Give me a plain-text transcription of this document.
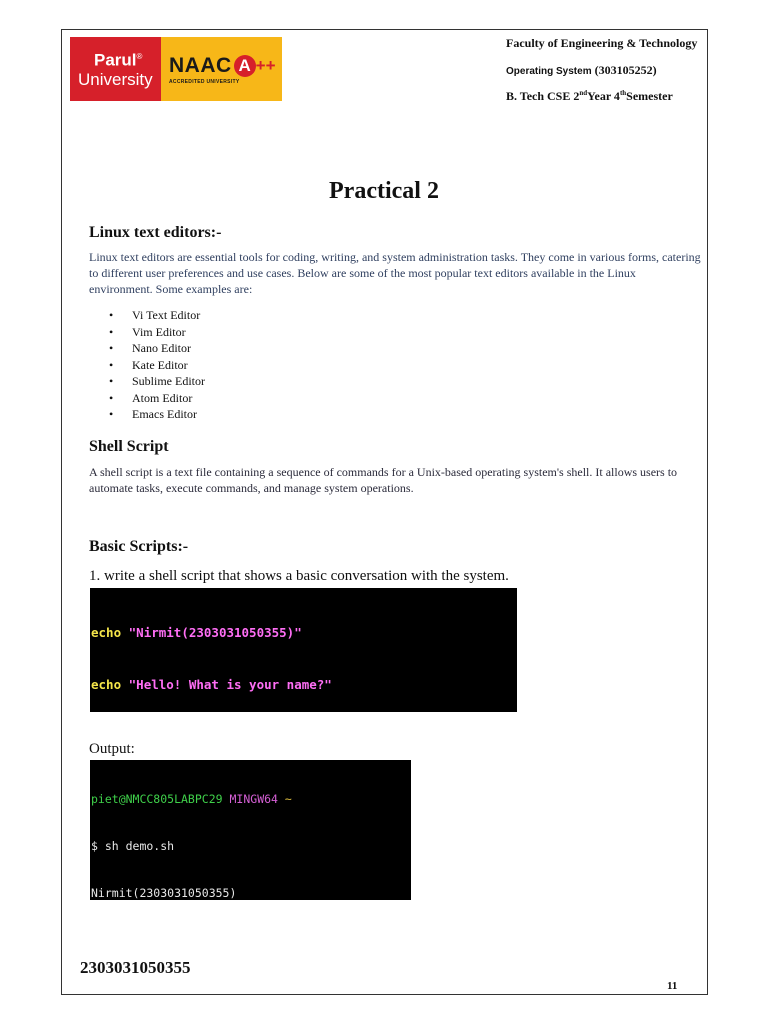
Parul®
University
NAAC A ++
ACCREDITED UNIVERSITY
Faculty of Engineering & Technology
Operating System (303105252)
B. Tech CSE 2ndYear 4thSemester
Practical 2
Linux text editors:-
Linux text editors are essential tools for coding, writing, and system administration tasks. They come in various forms, catering to different user preferences and use cases. Below are some of the most popular text editors available in the Linux environment. Some examples are:
• Vi Text Editor
• Vim Editor
• Nano Editor
• Kate Editor
• Sublime Editor
• Atom Editor
• Emacs Editor
Shell Script
A shell script is a text file containing a sequence of commands for a Unix-based operating system's shell. It allows users to automate tasks, execute commands, and manage system operations.
Basic Scripts:-
1. write a shell script that shows a basic conversation with the system.

echo "Nirmit(2303031050355)"

echo "Hello! What is your name?"

Output:

piet@NMCC805LABPC29 MINGW64 ~

$ sh demo.sh

Nirmit(2303031050355)

2303031050355
11
